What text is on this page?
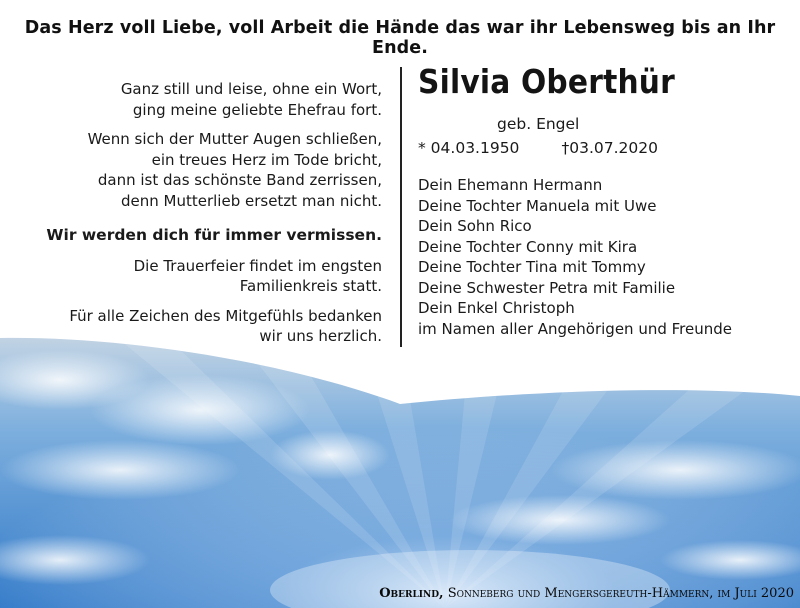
Das Herz voll Liebe, voll Arbeit die Hände das war ihr Lebensweg bis an Ihr Ende.

Ganz still und leise, ohne ein Wort,

ging meine geliebte Ehefrau fort.

Wenn sich der Mutter Augen schließen,

ein treues Herz im Tode bricht,

dann ist das schönste Band zerrissen,

denn Mutterlieb ersetzt man nicht.

Wir werden dich für immer vermissen.

Die Trauerfeier findet im engsten

Familienkreis statt.

Für alle Zeichen des Mitgefühls bedanken

wir uns herzlich.

Silvia Oberthür
geb. Engel
* 04.03.1950	†03.07.2020
Dein Ehemann Hermann
Deine Tochter Manuela mit Uwe
Dein Sohn Rico
Deine Tochter Conny mit Kira
Deine Tochter Tina mit Tommy
Deine Schwester Petra mit Familie
Dein Enkel Christoph
im Namen aller Angehörigen und Freunde
Oberlind, Sonneberg und Mengersgereuth-Hämmern, im Juli 2020
